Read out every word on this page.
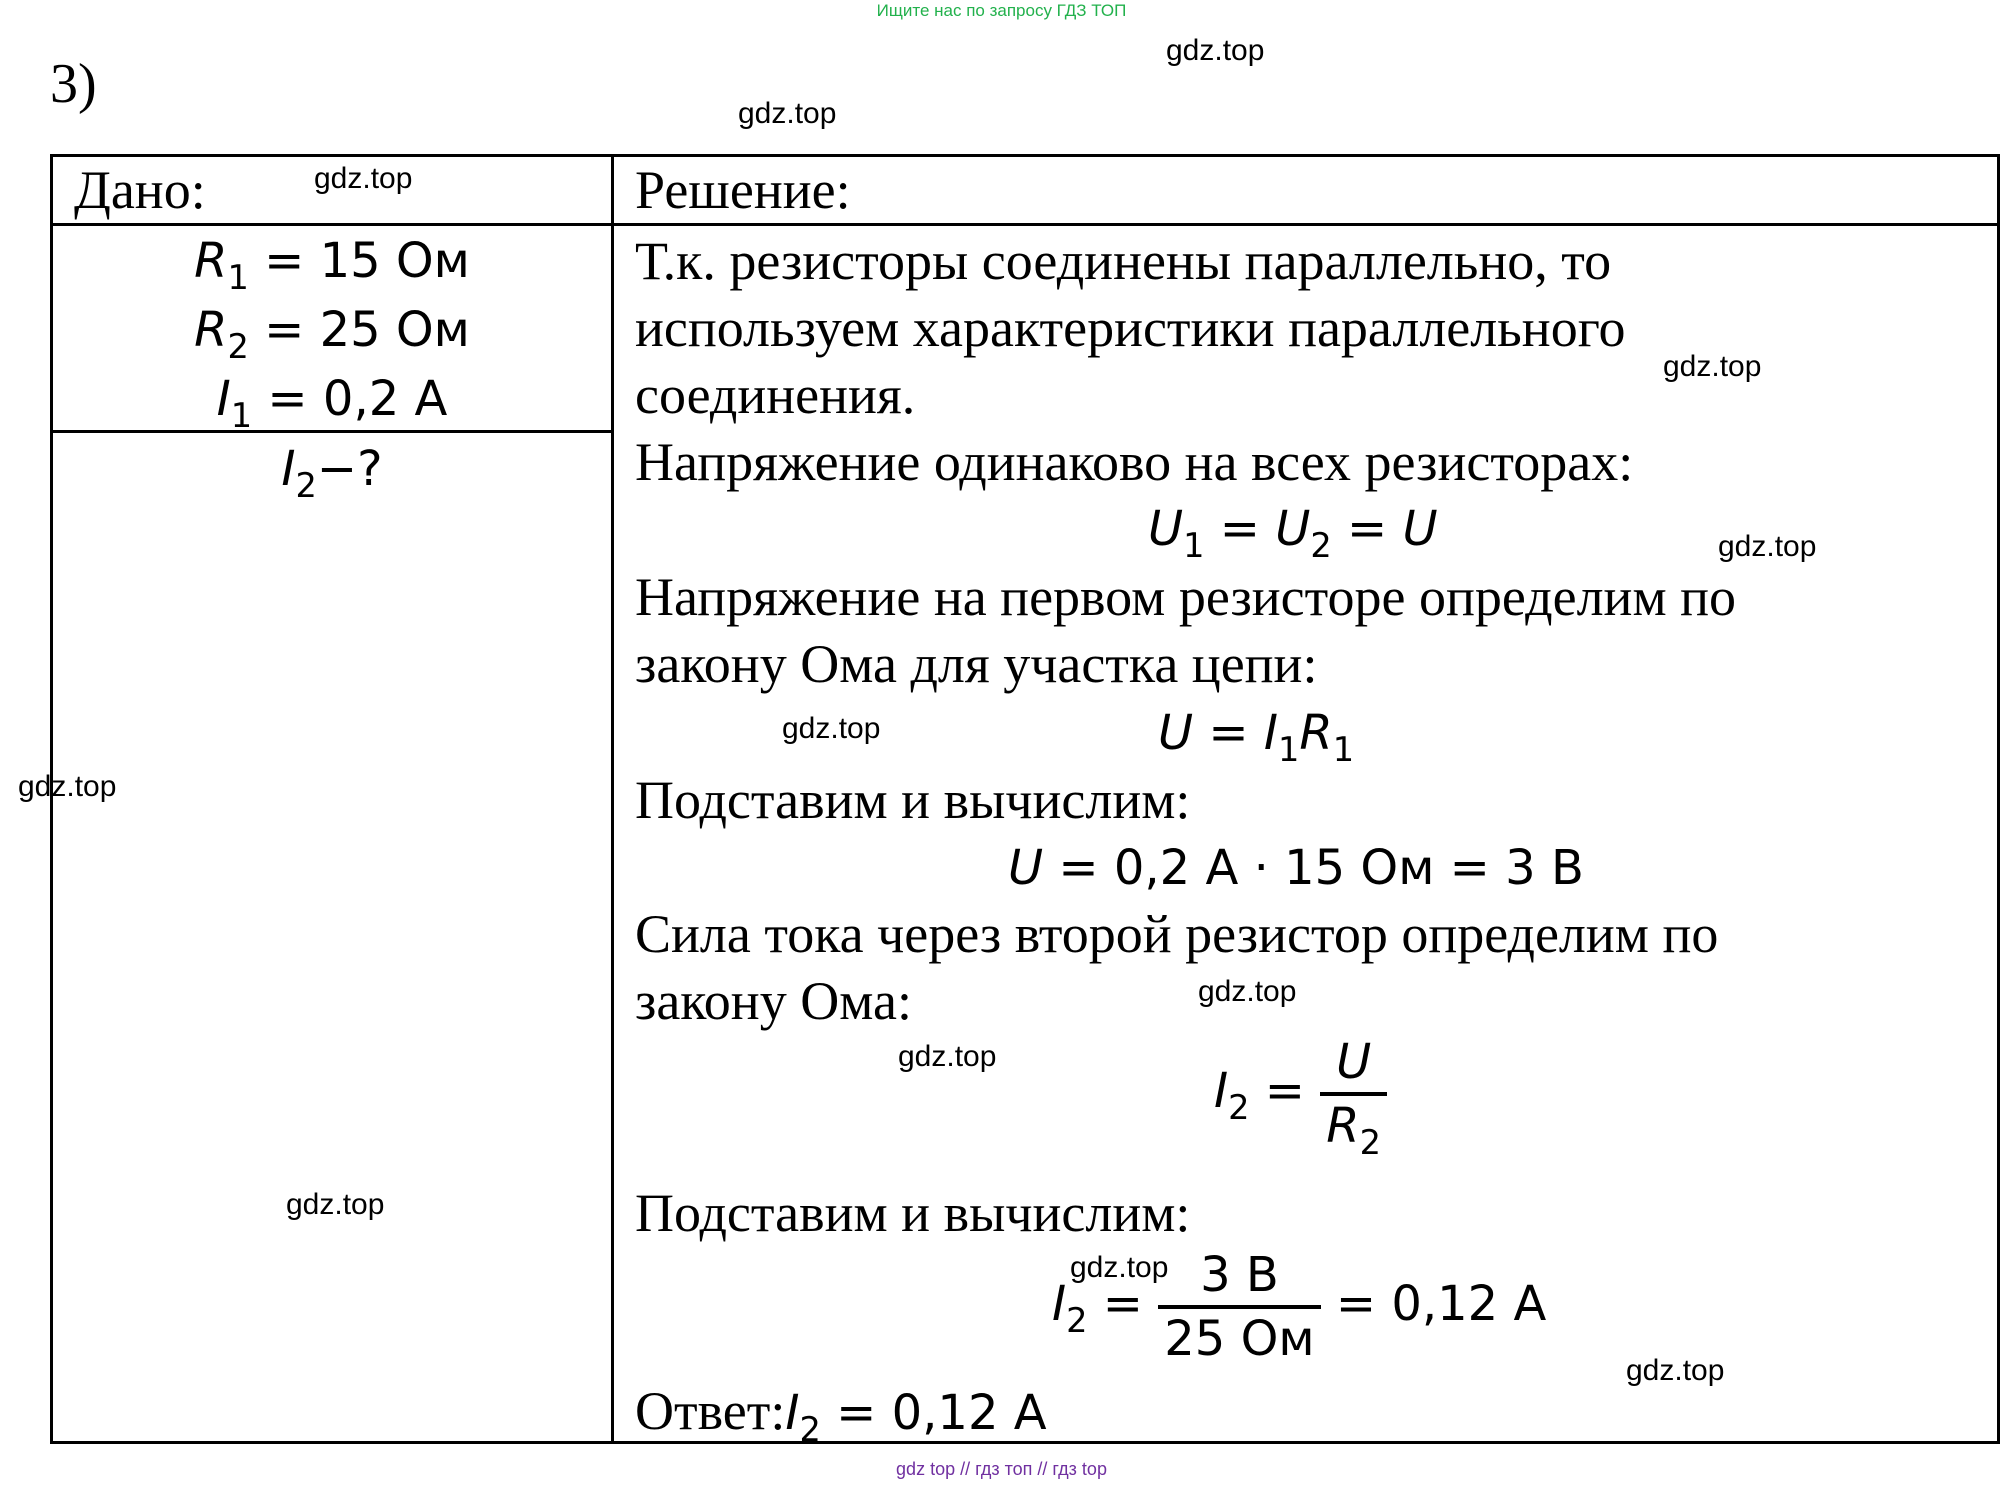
Ищите нас по запросу ГДЗ ТОП
3)
gdz.top
gdz.top
gdz.top
gdz.top
gdz.top
gdz.top
gdz.top
gdz.top
gdz.top
gdz.top
gdz.top
gdz.top
Дано:	Решение:
$R_1 = 15$ Ом
$R_2 = 25$ Ом
$I_1 = 0,2$ A
$I_2-$?
Т.к. резисторы соединены параллельно, то
используем характеристики параллельного
соединения.
Напряжение одинаково на всех резисторах:
$U_1 = U_2 = U$
Напряжение на первом резисторе определим по
закону Ома для участка цепи:
$U = I_1R_1$
Подставим и вычислим:
U = 0,2 A · 15 Ом = 3 В
Сила тока через второй резистор определим по
закону Ома:
$I_2 = \frac{U}{R_2}$
Подставим и вычислим:
$I_2 = \frac{3 В}{25 Ом} = 0,12$ A
$Ответ:I_2 = 0,12$ A
gdz top // гдз топ // гдз top
